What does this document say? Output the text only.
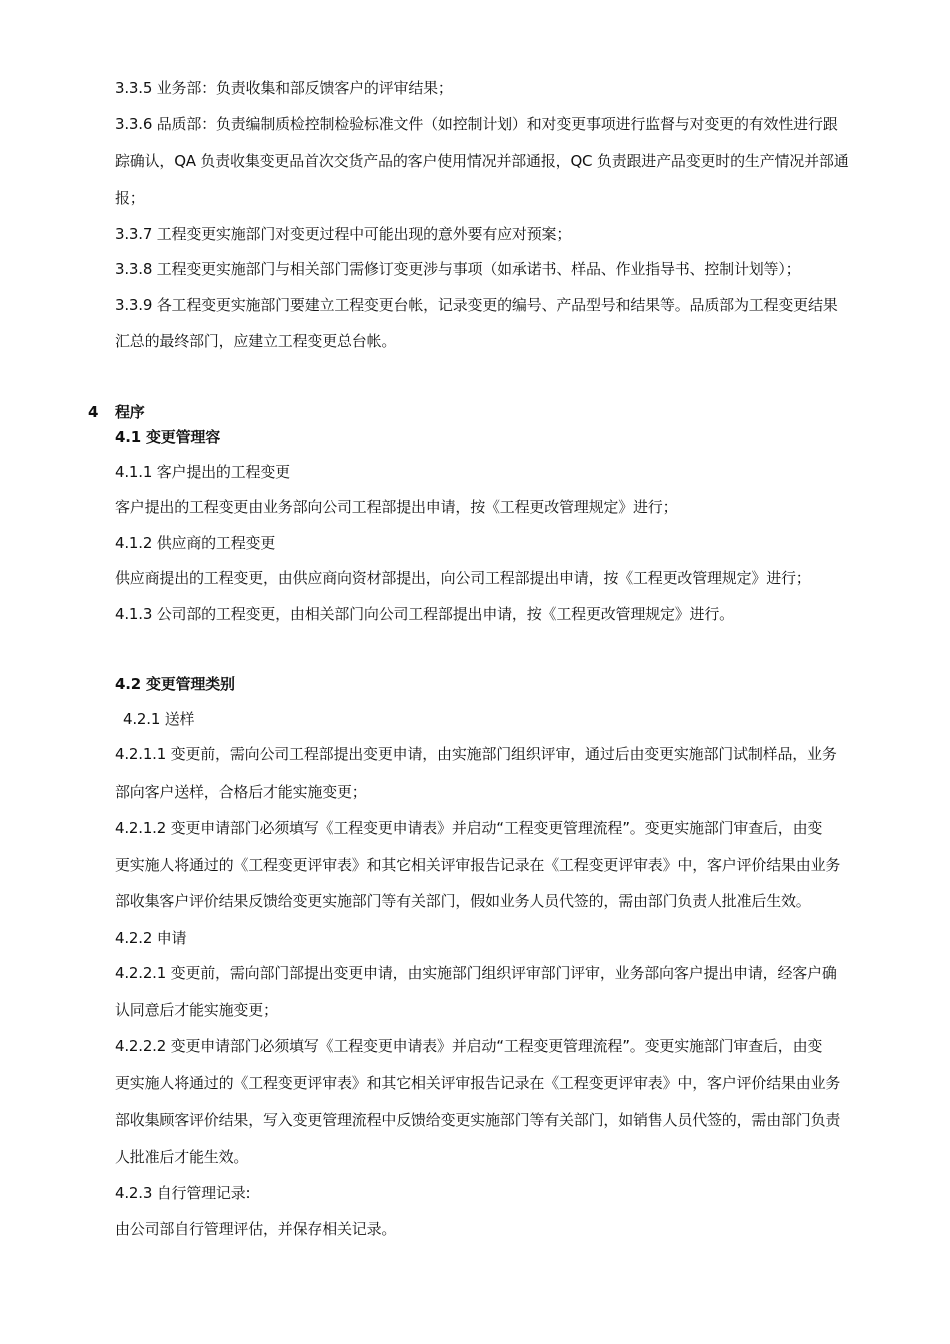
3.3.5 业务部：负责收集和部反馈客户的评审结果；
3.3.6 品质部：负责编制质检控制检验标准文件（如控制计划）和对变更事项进行监督与对变更的有效性进行跟
踪确认，QA 负责收集变更品首次交货产品的客户使用情况并部通报，QC 负责跟进产品变更时的生产情况并部通
报；
3.3.7 工程变更实施部门对变更过程中可能出现的意外要有应对预案；
3.3.8 工程变更实施部门与相关部门需修订变更涉与事项（如承诺书、样品、作业指导书、控制计划等）；
3.3.9 各工程变更实施部门要建立工程变更台帐，记录变更的编号、产品型号和结果等。品质部为工程变更结果
汇总的最终部门，应建立工程变更总台帐。
4 程序
4.1 变更管理容
4.1.1 客户提出的工程变更
客户提出的工程变更由业务部向公司工程部提出申请，按《工程更改管理规定》进行；
4.1.2 供应商的工程变更
供应商提出的工程变更，由供应商向资材部提出，向公司工程部提出申请，按《工程更改管理规定》进行；
4.1.3 公司部的工程变更，由相关部门向公司工程部提出申请，按《工程更改管理规定》进行。
4.2 变更管理类别
4.2.1 送样
4.2.1.1 变更前，需向公司工程部提出变更申请，由实施部门组织评审，通过后由变更实施部门试制样品，业务
部向客户送样，合格后才能实施变更；
4.2.1.2 变更申请部门必须填写《工程变更申请表》并启动“工程变更管理流程”。变更实施部门审查后，由变
更实施人将通过的《工程变更评审表》和其它相关评审报告记录在《工程变更评审表》中，客户评价结果由业务
部收集客户评价结果反馈给变更实施部门等有关部门，假如业务人员代签的，需由部门负责人批准后生效。
4.2.2 申请
4.2.2.1 变更前，需向部门部提出变更申请，由实施部门组织评审部门评审，业务部向客户提出申请，经客户确
认同意后才能实施变更；
4.2.2.2 变更申请部门必须填写《工程变更申请表》并启动“工程变更管理流程”。变更实施部门审查后，由变
更实施人将通过的《工程变更评审表》和其它相关评审报告记录在《工程变更评审表》中，客户评价结果由业务
部收集顾客评价结果，写入变更管理流程中反馈给变更实施部门等有关部门，如销售人员代签的，需由部门负责
人批准后才能生效。
4.2.3 自行管理记录:
由公司部自行管理评估，并保存相关记录。
